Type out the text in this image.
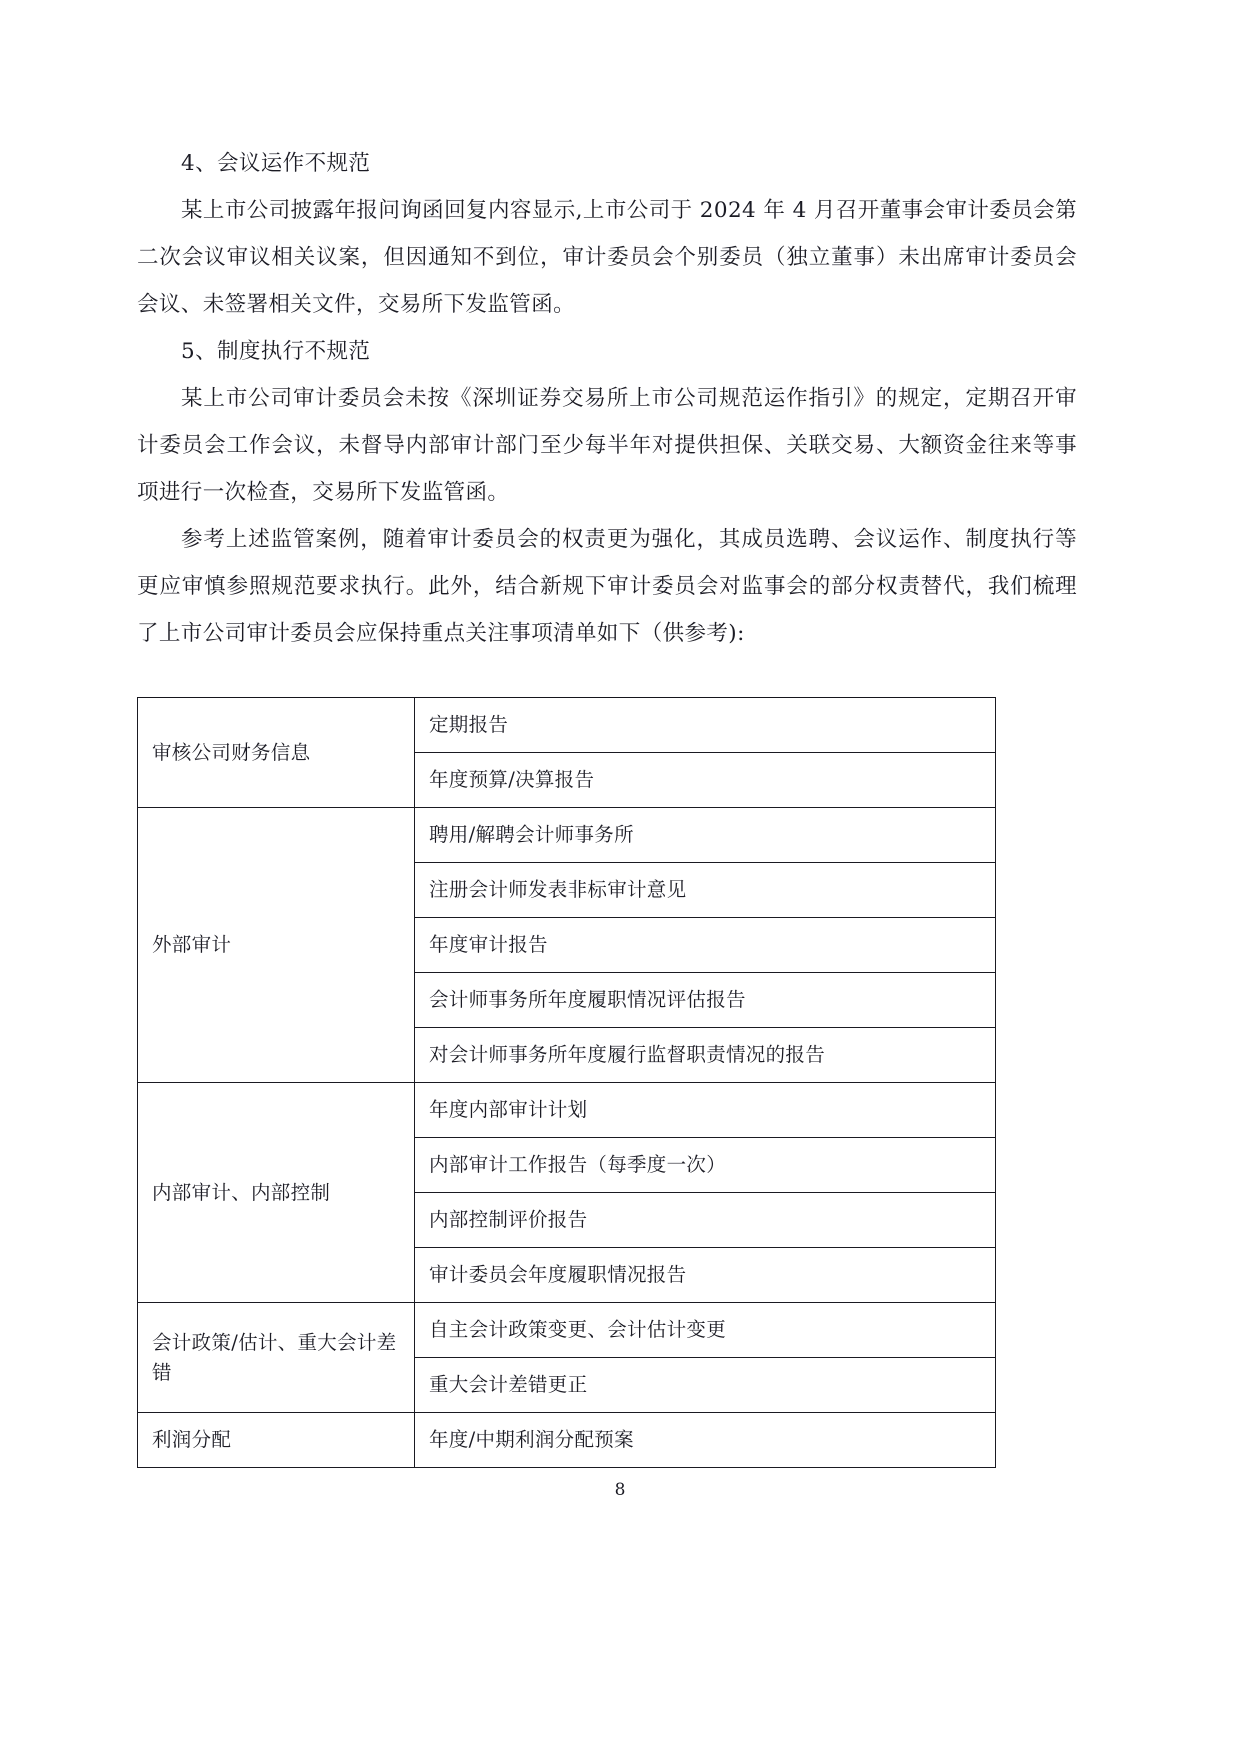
4、会议运作不规范

某上市公司披露年报问询函回复内容显示,上市公司于 2024 年 4 月召开董事会审计委员会第二次会议审议相关议案，但因通知不到位，审计委员会个别委员（独立董事）未出席审计委员会会议、未签署相关文件，交易所下发监管函。

5、制度执行不规范

某上市公司审计委员会未按《深圳证券交易所上市公司规范运作指引》的规定，定期召开审计委员会工作会议，未督导内部审计部门至少每半年对提供担保、关联交易、大额资金往来等事项进行一次检查，交易所下发监管函。

参考上述监管案例，随着审计委员会的权责更为强化，其成员选聘、会议运作、制度执行等更应审慎参照规范要求执行。此外，结合新规下审计委员会对监事会的部分权责替代，我们梳理了上市公司审计委员会应保持重点关注事项清单如下（供参考):

审核公司财务信息	定期报告
	年度预算/决算报告
外部审计	聘用/解聘会计师事务所
	注册会计师发表非标审计意见
	年度审计报告
	会计师事务所年度履职情况评估报告
	对会计师事务所年度履行监督职责情况的报告
内部审计、内部控制	年度内部审计计划
	内部审计工作报告（每季度一次）
	内部控制评价报告
	审计委员会年度履职情况报告
会计政策/估计、重大会计差错	自主会计政策变更、会计估计变更
	重大会计差错更正
利润分配	年度/中期利润分配预案
8
